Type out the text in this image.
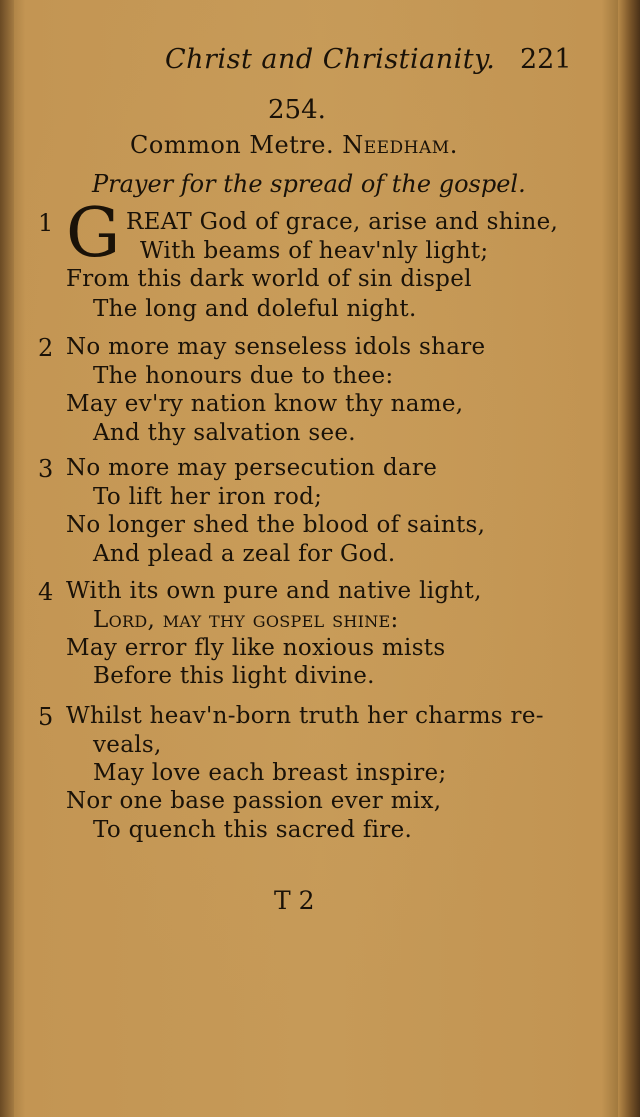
Christ and Christianity. 221
254.
Common Metre. Needham.
Prayer for the spread of the gospel.
1 G REAT God of grace, arise and shine,
With beams of heav'nly light;
From this dark world of sin dispel
The long and doleful night.
2 No more may senseless idols share
The honours due to thee:
May ev'ry nation know thy name,
And thy salvation see.
3 No more may persecution dare
To lift her iron rod;
No longer shed the blood of saints,
And plead a zeal for God.
4 With its own pure and native light,
Lord, may thy gospel shine:
May error fly like noxious mists
Before this light divine.
5 Whilst heav'n-born truth her charms re-
veals,
May love each breast inspire;
Nor one base passion ever mix,
To quench this sacred fire.
T 2
